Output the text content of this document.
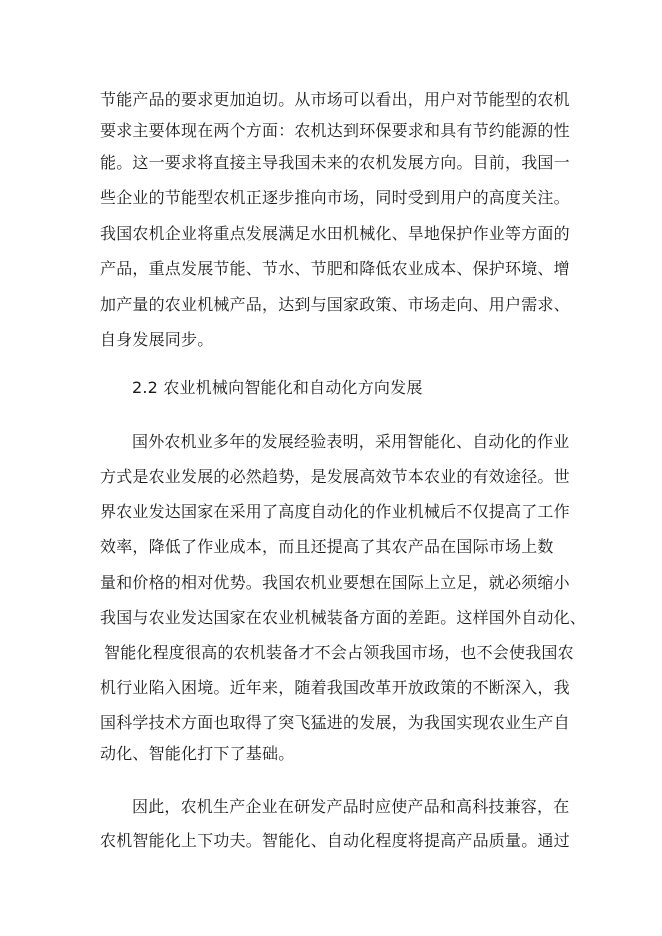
节能产品的要求更加迫切。从市场可以看出，用户对节能型的农机
要求主要体现在两个方面：农机达到环保要求和具有节约能源的性
能。这一要求将直接主导我国未来的农机发展方向。目前，我国一
些企业的节能型农机正逐步推向市场，同时受到用户的高度关注。
我国农机企业将重点发展满足水田机械化、旱地保护作业等方面的
产品，重点发展节能、节水、节肥和降低农业成本、保护环境、增
加产量的农业机械产品，达到与国家政策、市场走向、用户需求、
自身发展同步。
2.2 农业机械向智能化和自动化方向发展
国外农机业多年的发展经验表明，采用智能化、自动化的作业
方式是农业发展的必然趋势，是发展高效节本农业的有效途径。世
界农业发达国家在采用了高度自动化的作业机械后不仅提高了工作
效率，降低了作业成本，而且还提高了其农产品在国际市场上数
量和价格的相对优势。我国农机业要想在国际上立足，就必须缩小
我国与农业发达国家在农业机械装备方面的差距。这样国外自动化、
智能化程度很高的农机装备才不会占领我国市场，也不会使我国农
机行业陷入困境。近年来，随着我国改革开放政策的不断深入，我
国科学技术方面也取得了突飞猛进的发展，为我国实现农业生产自
动化、智能化打下了基础。
因此，农机生产企业在研发产品时应使产品和高科技兼容，在
农机智能化上下功夫。智能化、自动化程度将提高产品质量。通过
